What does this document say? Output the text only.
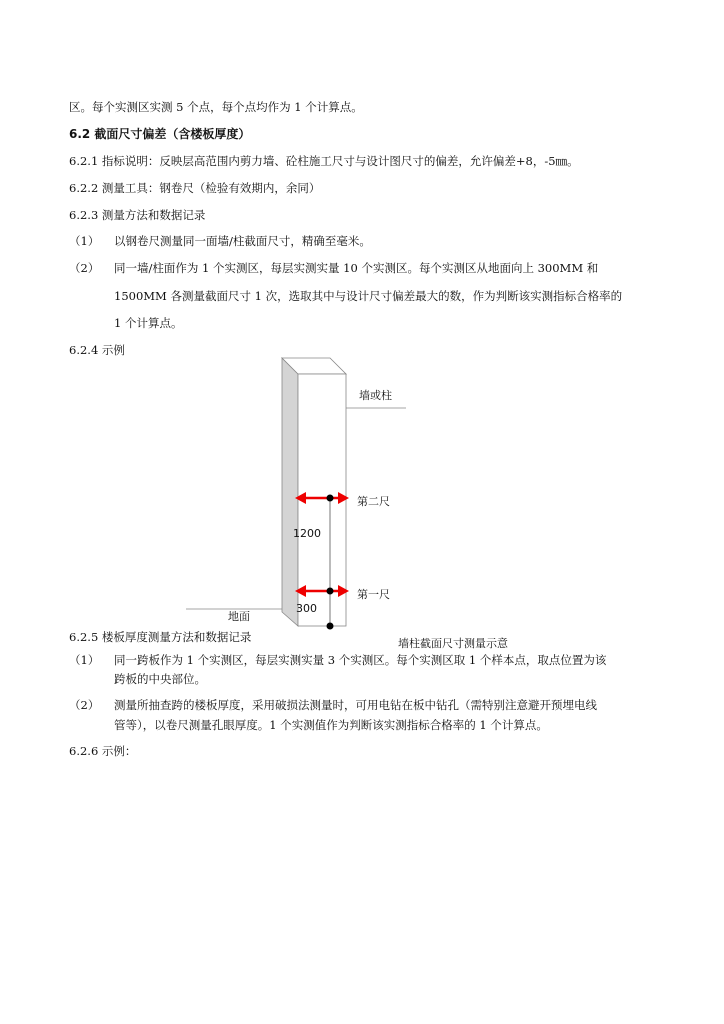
区。每个实测区实测 5 个点，每个点均作为 1 个计算点。
6.2 截面尺寸偏差（含楼板厚度）
6.2.1 指标说明：反映层高范围内剪力墙、砼柱施工尺寸与设计图尺寸的偏差，允许偏差+8，-5㎜。
6.2.2 测量工具：钢卷尺（检验有效期内，余同）
6.2.3 测量方法和数据记录
（1） 以钢卷尺测量同一面墙/柱截面尺寸，精确至毫米。
（2） 同一墙/柱面作为 1 个实测区，每层实测实量 10 个实测区。每个实测区从地面向上 300MM 和
1500MM 各测量截面尺寸 1 次，选取其中与设计尺寸偏差最大的数，作为判断该实测指标合格率的
1 个计算点。
6.2.4 示例
墙或柱
第二尺
1200
第一尺
300
地面
墙柱截面尺寸测量示意
6.2.5 楼板厚度测量方法和数据记录
（1） 同一跨板作为 1 个实测区，每层实测实量 3 个实测区。每个实测区取 1 个样本点，取点位置为该
跨板的中央部位。
（2） 测量所抽查跨的楼板厚度，采用破损法测量时，可用电钻在板中钻孔（需特别注意避开预埋电线
管等），以卷尺测量孔眼厚度。1 个实测值作为判断该实测指标合格率的 1 个计算点。
6.2.6 示例：
